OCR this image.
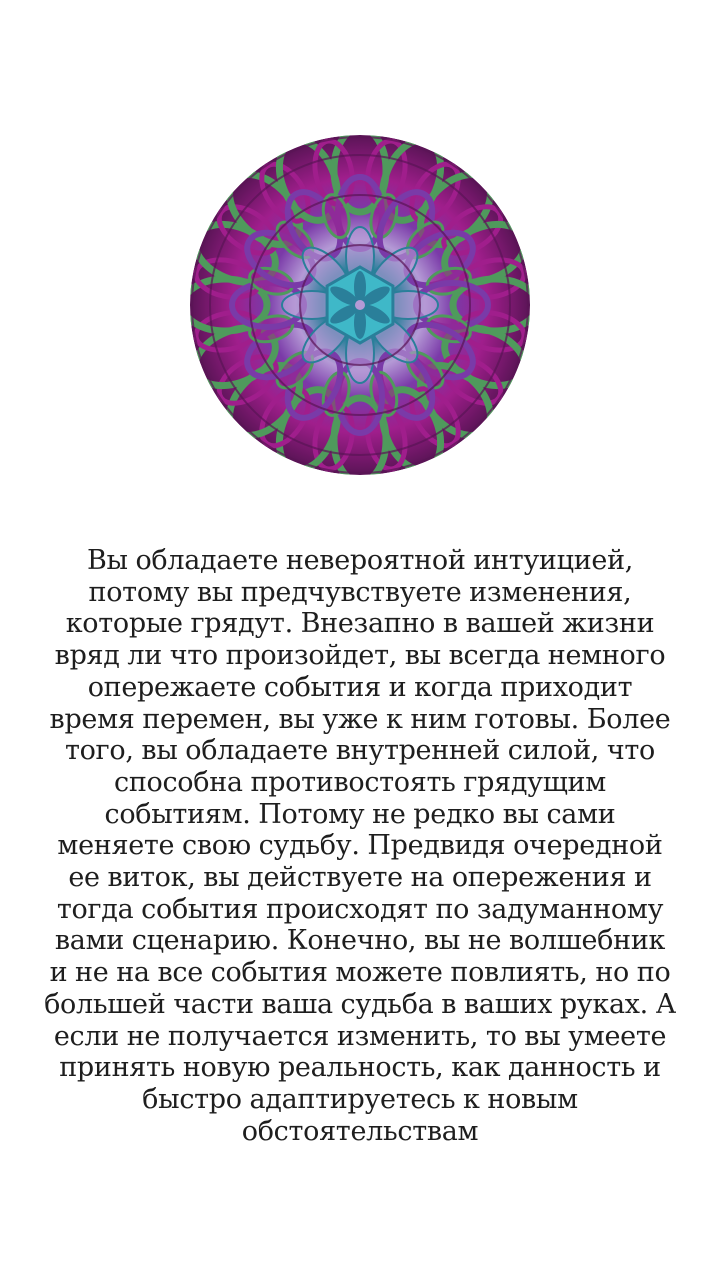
Вы обладаете невероятной интуицией,
потому вы предчувствуете изменения,
которые грядут. Внезапно в вашей жизни
вряд ли что произойдет, вы всегда немного
опережаете события и когда приходит
время перемен, вы уже к ним готовы. Более
того, вы обладаете внутренней силой, что
способна противостоять грядущим
событиям. Потому не редко вы сами
меняете свою судьбу. Предвидя очередной
ее виток, вы действуете на опережения и
тогда события происходят по задуманному
вами сценарию. Конечно, вы не волшебник
и не на все события можете повлиять, но по
большей части ваша судьба в ваших руках. А
если не получается изменить, то вы умеете
принять новую реальность, как данность и
быстро адаптируетесь к новым
обстоятельствам
